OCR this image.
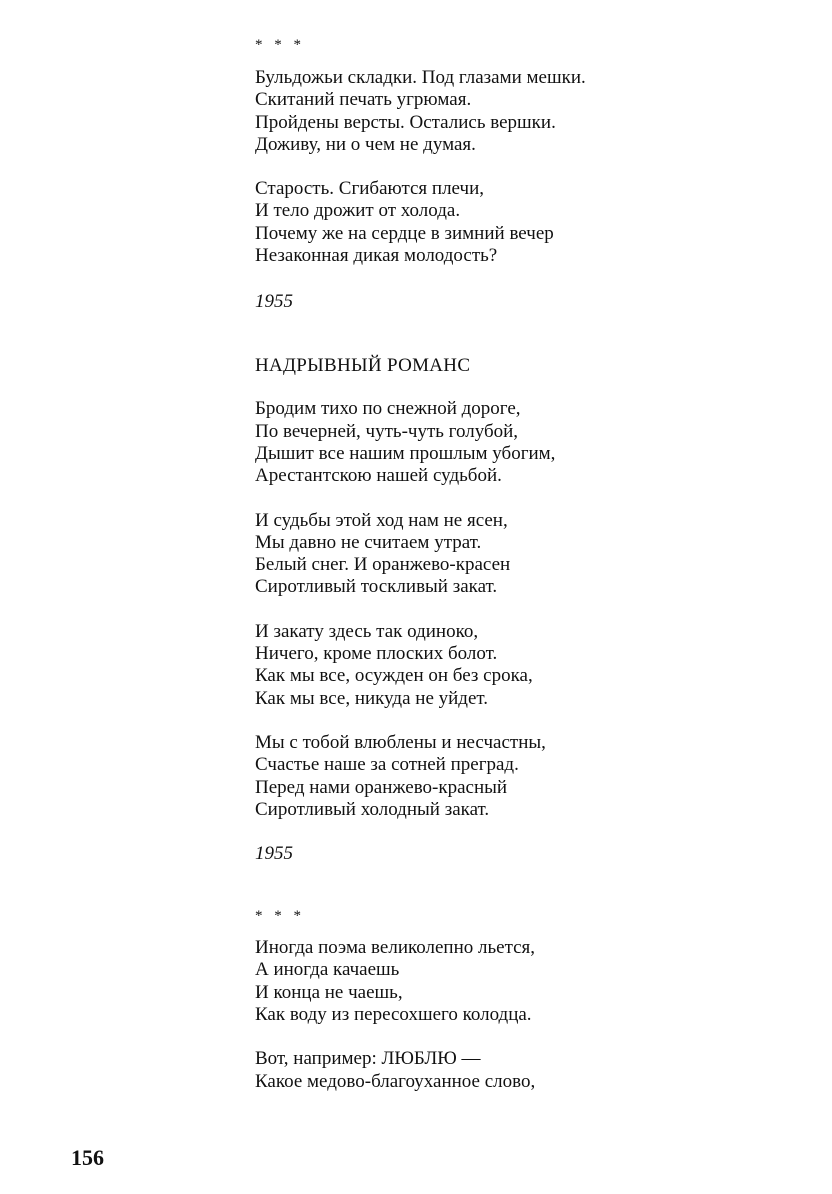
* * *
Бульдожьи складки. Под глазами мешки.
Скитаний печать угрюмая.
Пройдены версты. Остались вершки.
Доживу, ни о чем не думая.
Старость. Сгибаются плечи,
И тело дрожит от холода.
Почему же на сердце в зимний вечер
Незаконная дикая молодость?
1955
НАДРЫВНЫЙ РОМАНС
Бродим тихо по снежной дороге,
По вечерней, чуть-чуть голубой,
Дышит все нашим прошлым убогим,
Арестантскою нашей судьбой.
И судьбы этой ход нам не ясен,
Мы давно не считаем утрат.
Белый снег. И оранжево-красен
Сиротливый тоскливый закат.
И закату здесь так одиноко,
Ничего, кроме плоских болот.
Как мы все, осужден он без срока,
Как мы все, никуда не уйдет.
Мы с тобой влюблены и несчастны,
Счастье наше за сотней преград.
Перед нами оранжево-красный
Сиротливый холодный закат.
1955
* * *
Иногда поэма великолепно льется,
А иногда качаешь
И конца не чаешь,
Как воду из пересохшего колодца.
Вот, например: ЛЮБЛЮ —
Какое медово-благоуханное слово,
156
